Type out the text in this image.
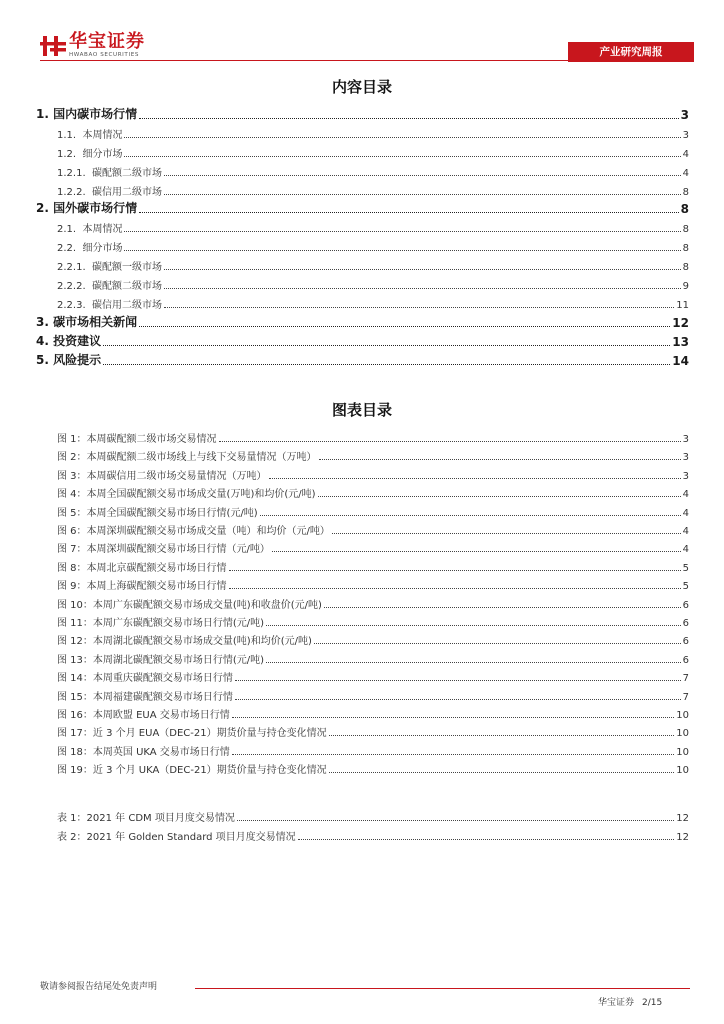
华宝证券
HWABAO SECURITIES	产业研究周报
内容目录
1. 国内碳市场行情	3
1.1. 本周情况	3
1.2. 细分市场	4
1.2.1. 碳配额二级市场	4
1.2.2. 碳信用二级市场	8
2. 国外碳市场行情	8
2.1. 本周情况	8
2.2. 细分市场	8
2.2.1. 碳配额一级市场	8
2.2.2. 碳配额二级市场	9
2.2.3. 碳信用二级市场	11
3. 碳市场相关新闻	12
4. 投资建议	13
5. 风险提示	14
图表目录
图 1：本周碳配额二级市场交易情况	3
图 2：本周碳配额二级市场线上与线下交易量情况（万吨）	3
图 3：本周碳信用二级市场交易量情况（万吨）	3
图 4：本周全国碳配额交易市场成交量(万吨)和均价(元/吨)	4
图 5：本周全国碳配额交易市场日行情(元/吨)	4
图 6：本周深圳碳配额交易市场成交量（吨）和均价（元/吨）	4
图 7：本周深圳碳配额交易市场日行情（元/吨）	4
图 8：本周北京碳配额交易市场日行情	5
图 9：本周上海碳配额交易市场日行情	5
图 10：本周广东碳配额交易市场成交量(吨)和收盘价(元/吨)	6
图 11：本周广东碳配额交易市场日行情(元/吨)	6
图 12：本周湖北碳配额交易市场成交量(吨)和均价(元/吨)	6
图 13：本周湖北碳配额交易市场日行情(元/吨)	6
图 14：本周重庆碳配额交易市场日行情	7
图 15：本周福建碳配额交易市场日行情	7
图 16：本周欧盟 EUA 交易市场日行情	10
图 17：近 3 个月 EUA（DEC-21）期货价量与持仓变化情况	10
图 18：本周英国 UKA 交易市场日行情	10
图 19：近 3 个月 UKA（DEC-21）期货价量与持仓变化情况	10
表 1：2021 年 CDM 项目月度交易情况	12
表 2：2021 年 Golden Standard 项目月度交易情况	12
敬请参阅报告结尾处免责声明
华宝证券 2/15
